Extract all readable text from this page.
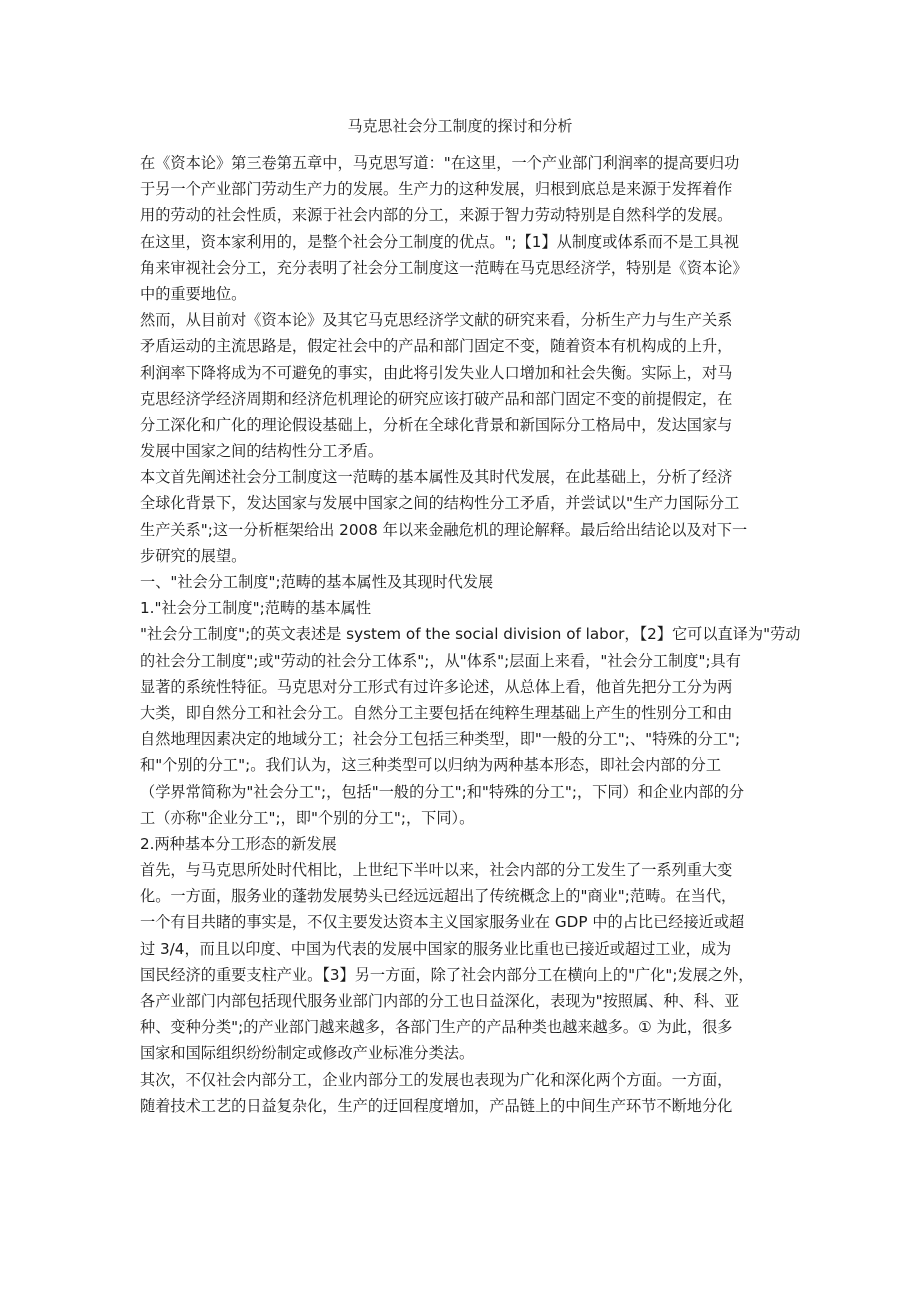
马克思社会分工制度的探讨和分析
在《资本论》第三卷第五章中，马克思写道："在这里，一个产业部门利润率的提高要归功
于另一个产业部门劳动生产力的发展。生产力的这种发展，归根到底总是来源于发挥着作
用的劳动的社会性质，来源于社会内部的分工，来源于智力劳动特别是自然科学的发展。
在这里，资本家利用的，是整个社会分工制度的优点。";【1】从制度或体系而不是工具视
角来审视社会分工，充分表明了社会分工制度这一范畴在马克思经济学，特别是《资本论》
中的重要地位。
然而，从目前对《资本论》及其它马克思经济学文献的研究来看，分析生产力与生产关系
矛盾运动的主流思路是，假定社会中的产品和部门固定不变，随着资本有机构成的上升，
利润率下降将成为不可避免的事实，由此将引发失业人口增加和社会失衡。实际上，对马
克思经济学经济周期和经济危机理论的研究应该打破产品和部门固定不变的前提假定，在
分工深化和广化的理论假设基础上，分析在全球化背景和新国际分工格局中，发达国家与
发展中国家之间的结构性分工矛盾。
本文首先阐述社会分工制度这一范畴的基本属性及其时代发展，在此基础上，分析了经济
全球化背景下，发达国家与发展中国家之间的结构性分工矛盾，并尝试以"生产力国际分工
生产关系";这一分析框架给出 2008 年以来金融危机的理论解释。最后给出结论以及对下一
步研究的展望。
一、"社会分工制度";范畴的基本属性及其现时代发展
1."社会分工制度";范畴的基本属性
"社会分工制度";的英文表述是 system of the social division of labor，【2】它可以直译为"劳动
的社会分工制度";或"劳动的社会分工体系";，从"体系";层面上来看，"社会分工制度";具有
显著的系统性特征。马克思对分工形式有过许多论述，从总体上看，他首先把分工分为两
大类，即自然分工和社会分工。自然分工主要包括在纯粹生理基础上产生的性别分工和由
自然地理因素决定的地域分工；社会分工包括三种类型，即"一般的分工";、"特殊的分工";
和"个别的分工";。我们认为，这三种类型可以归纳为两种基本形态，即社会内部的分工
（学界常简称为"社会分工";，包括"一般的分工";和"特殊的分工";，下同）和企业内部的分
工（亦称"企业分工";，即"个别的分工";，下同）。
2.两种基本分工形态的新发展
首先，与马克思所处时代相比，上世纪下半叶以来，社会内部的分工发生了一系列重大变
化。一方面，服务业的蓬勃发展势头已经远远超出了传统概念上的"商业";范畴。在当代，
一个有目共睹的事实是，不仅主要发达资本主义国家服务业在 GDP 中的占比已经接近或超
过 3/4，而且以印度、中国为代表的发展中国家的服务业比重也已接近或超过工业，成为
国民经济的重要支柱产业。【3】另一方面，除了社会内部分工在横向上的"广化";发展之外，
各产业部门内部包括现代服务业部门内部的分工也日益深化，表现为"按照属、种、科、亚
种、变种分类";的产业部门越来越多，各部门生产的产品种类也越来越多。① 为此，很多
国家和国际组织纷纷制定或修改产业标准分类法。
其次，不仅社会内部分工，企业内部分工的发展也表现为广化和深化两个方面。一方面，
随着技术工艺的日益复杂化，生产的迂回程度增加，产品链上的中间生产环节不断地分化
